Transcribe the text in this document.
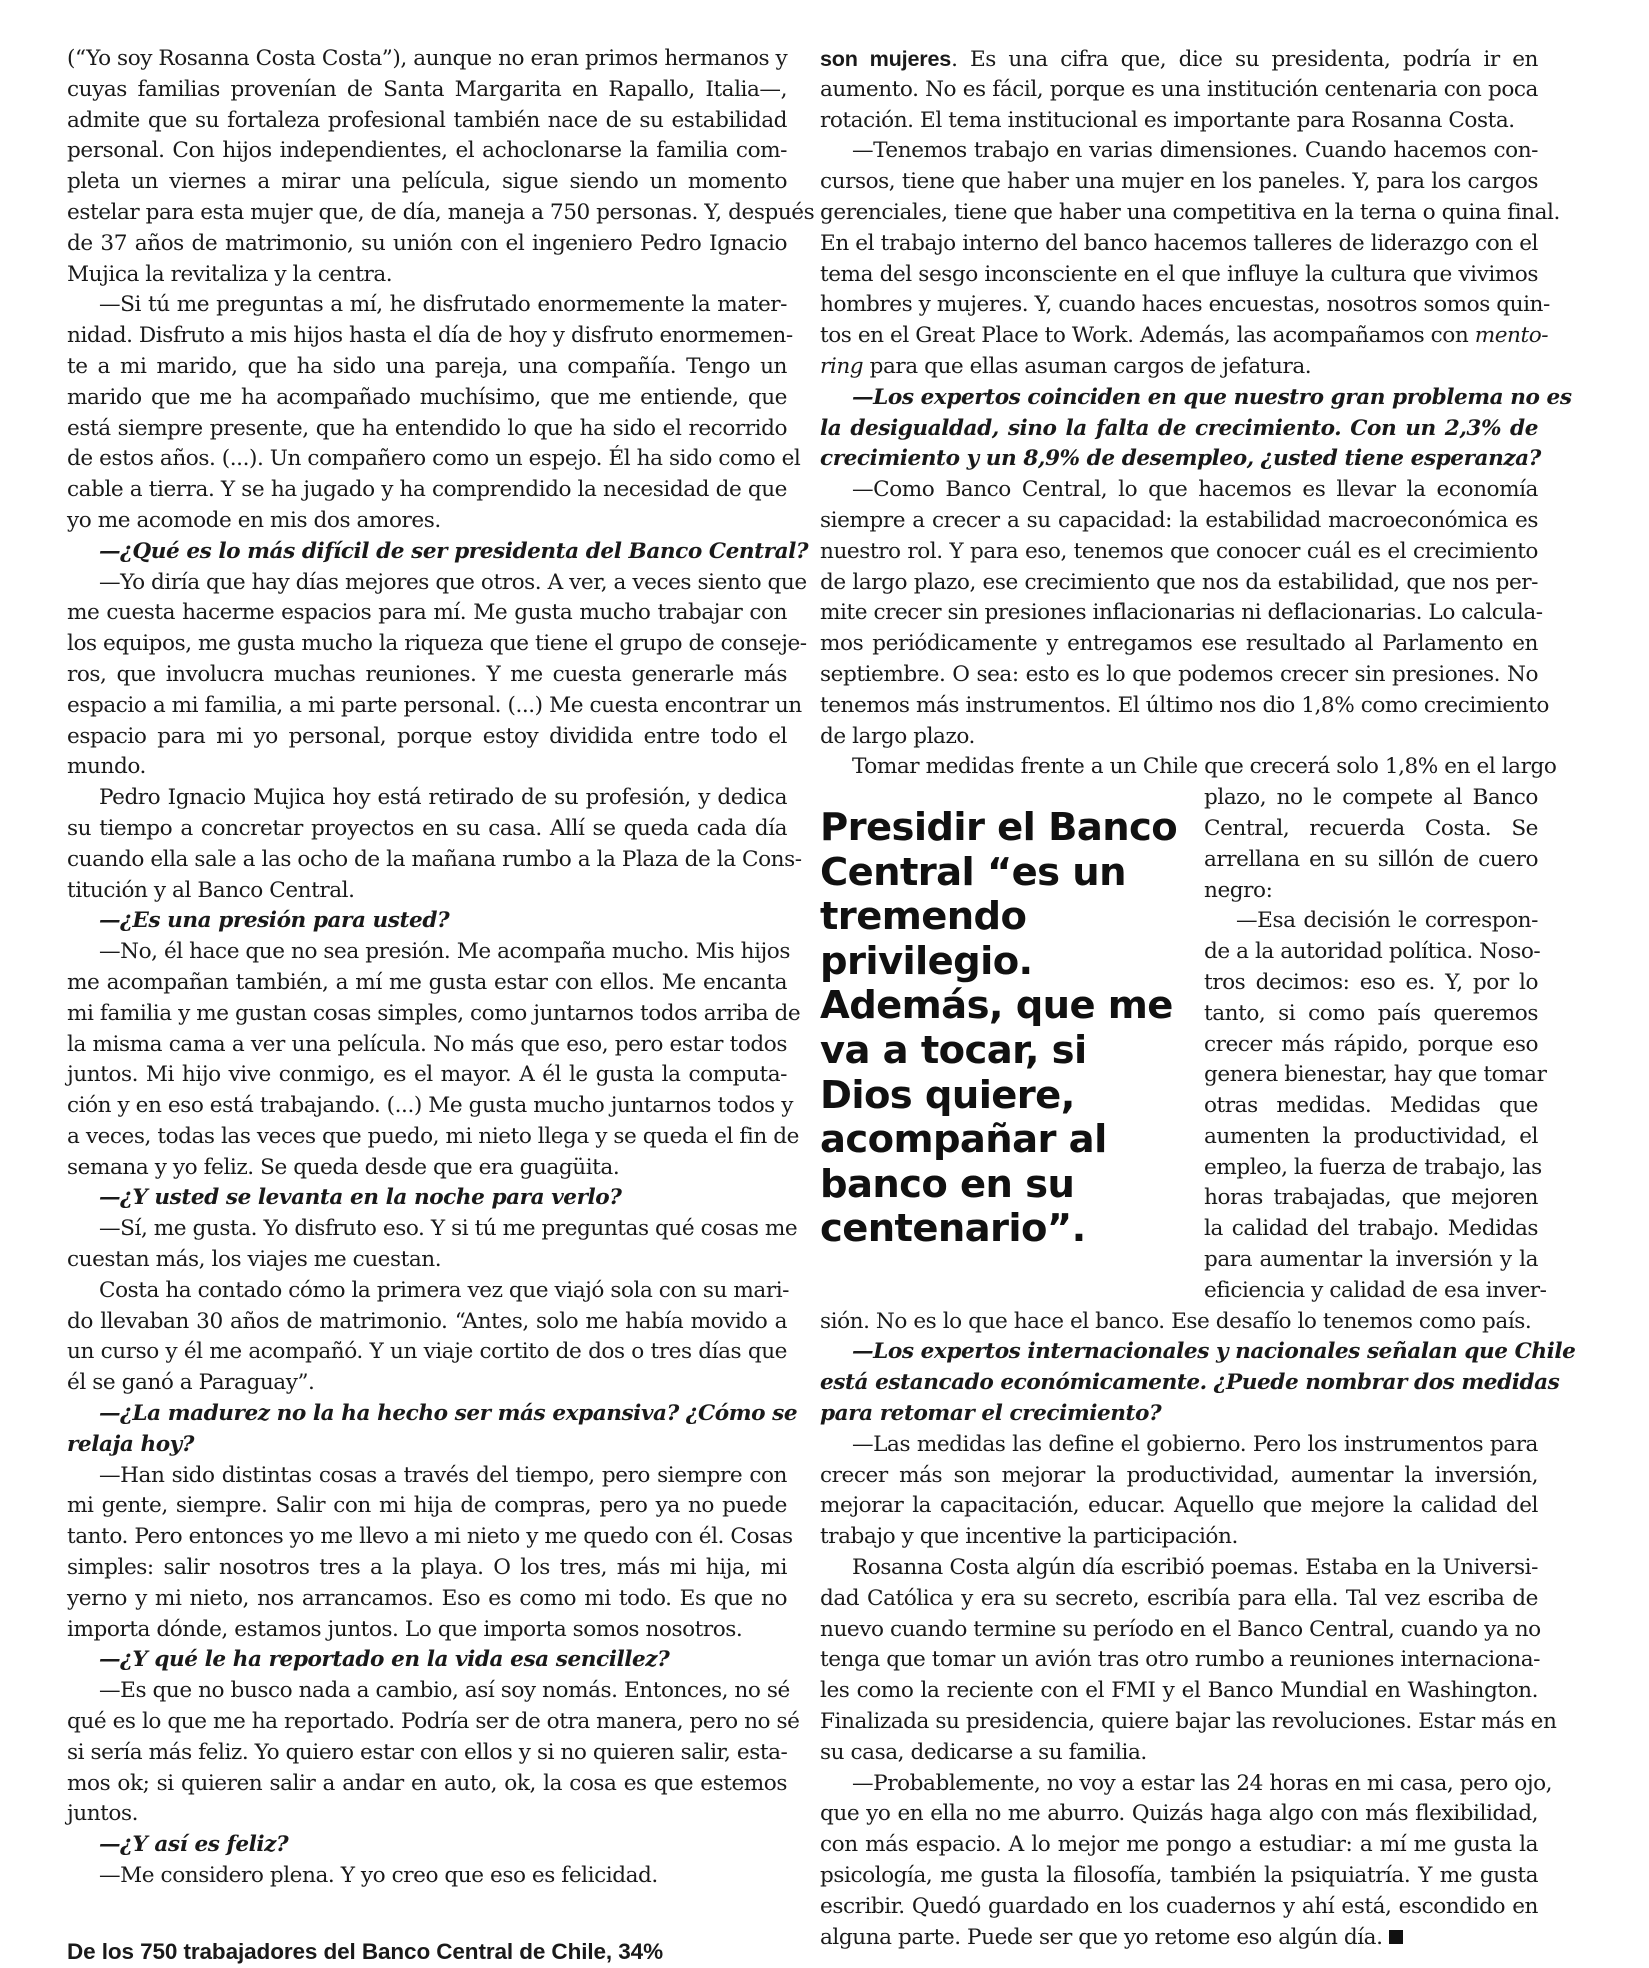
(“Yo soy Rosanna Costa Costa”), aunque no eran primos hermanos y
cuyas familias provenían de Santa Margarita en Rapallo, Italia—,
admite que su fortaleza profesional también nace de su estabilidad
personal. Con hijos independientes, el achoclonarse la familia com-
pleta un viernes a mirar una película, sigue siendo un momento
estelar para esta mujer que, de día, maneja a 750 personas. Y, después
de 37 años de matrimonio, su unión con el ingeniero Pedro Ignacio
Mujica la revitaliza y la centra.
—Si tú me preguntas a mí, he disfrutado enormemente la mater-
nidad. Disfruto a mis hijos hasta el día de hoy y disfruto enormemen-
te a mi marido, que ha sido una pareja, una compañía. Tengo un
marido que me ha acompañado muchísimo, que me entiende, que
está siempre presente, que ha entendido lo que ha sido el recorrido
de estos años. (...). Un compañero como un espejo. Él ha sido como el
cable a tierra. Y se ha jugado y ha comprendido la necesidad de que
yo me acomode en mis dos amores.
—¿Qué es lo más difícil de ser presidenta del Banco Central?
—Yo diría que hay días mejores que otros. A ver, a veces siento que
me cuesta hacerme espacios para mí. Me gusta mucho trabajar con
los equipos, me gusta mucho la riqueza que tiene el grupo de conseje-
ros, que involucra muchas reuniones. Y me cuesta generarle más
espacio a mi familia, a mi parte personal. (...) Me cuesta encontrar un
espacio para mi yo personal, porque estoy dividida entre todo el
mundo.
Pedro Ignacio Mujica hoy está retirado de su profesión, y dedica
su tiempo a concretar proyectos en su casa. Allí se queda cada día
cuando ella sale a las ocho de la mañana rumbo a la Plaza de la Cons-
titución y al Banco Central.
—¿Es una presión para usted?
—No, él hace que no sea presión. Me acompaña mucho. Mis hijos
me acompañan también, a mí me gusta estar con ellos. Me encanta
mi familia y me gustan cosas simples, como juntarnos todos arriba de
la misma cama a ver una película. No más que eso, pero estar todos
juntos. Mi hijo vive conmigo, es el mayor. A él le gusta la computa-
ción y en eso está trabajando. (...) Me gusta mucho juntarnos todos y
a veces, todas las veces que puedo, mi nieto llega y se queda el fin de
semana y yo feliz. Se queda desde que era guagüita.
—¿Y usted se levanta en la noche para verlo?
—Sí, me gusta. Yo disfruto eso. Y si tú me preguntas qué cosas me
cuestan más, los viajes me cuestan.
Costa ha contado cómo la primera vez que viajó sola con su mari-
do llevaban 30 años de matrimonio. “Antes, solo me había movido a
un curso y él me acompañó. Y un viaje cortito de dos o tres días que
él se ganó a Paraguay”.
—¿La madurez no la ha hecho ser más expansiva? ¿Cómo se
relaja hoy?
—Han sido distintas cosas a través del tiempo, pero siempre con
mi gente, siempre. Salir con mi hija de compras, pero ya no puede
tanto. Pero entonces yo me llevo a mi nieto y me quedo con él. Cosas
simples: salir nosotros tres a la playa. O los tres, más mi hija, mi
yerno y mi nieto, nos arrancamos. Eso es como mi todo. Es que no
importa dónde, estamos juntos. Lo que importa somos nosotros.
—¿Y qué le ha reportado en la vida esa sencillez?
—Es que no busco nada a cambio, así soy nomás. Entonces, no sé
qué es lo que me ha reportado. Podría ser de otra manera, pero no sé
si sería más feliz. Yo quiero estar con ellos y si no quieren salir, esta-
mos ok; si quieren salir a andar en auto, ok, la cosa es que estemos
juntos.
—¿Y así es feliz?
—Me considero plena. Y yo creo que eso es felicidad.
De los 750 trabajadores del Banco Central de Chile, 34%
Presidir el Banco
Central “es un
tremendo
privilegio.
Además, que me
va a tocar, si
Dios quiere,
acompañar al
banco en su
centenario”.
son mujeres. Es una cifra que, dice su presidenta, podría ir en
aumento. No es fácil, porque es una institución centenaria con poca
rotación. El tema institucional es importante para Rosanna Costa.
—Tenemos trabajo en varias dimensiones. Cuando hacemos con-
cursos, tiene que haber una mujer en los paneles. Y, para los cargos
gerenciales, tiene que haber una competitiva en la terna o quina final.
En el trabajo interno del banco hacemos talleres de liderazgo con el
tema del sesgo inconsciente en el que influye la cultura que vivimos
hombres y mujeres. Y, cuando haces encuestas, nosotros somos quin-
tos en el Great Place to Work. Además, las acompañamos con mento-
ring para que ellas asuman cargos de jefatura.
—Los expertos coinciden en que nuestro gran problema no es
la desigualdad, sino la falta de crecimiento. Con un 2,3% de
crecimiento y un 8,9% de desempleo, ¿usted tiene esperanza?
—Como Banco Central, lo que hacemos es llevar la economía
siempre a crecer a su capacidad: la estabilidad macroeconómica es
nuestro rol. Y para eso, tenemos que conocer cuál es el crecimiento
de largo plazo, ese crecimiento que nos da estabilidad, que nos per-
mite crecer sin presiones inflacionarias ni deflacionarias. Lo calcula-
mos periódicamente y entregamos ese resultado al Parlamento en
septiembre. O sea: esto es lo que podemos crecer sin presiones. No
tenemos más instrumentos. El último nos dio 1,8% como crecimiento
de largo plazo.
Tomar medidas frente a un Chile que crecerá solo 1,8% en el largo
plazo, no le compete al Banco
Central, recuerda Costa. Se
arrellana en su sillón de cuero
negro:
—Esa decisión le correspon-
de a la autoridad política. Noso-
tros decimos: eso es. Y, por lo
tanto, si como país queremos
crecer más rápido, porque eso
genera bienestar, hay que tomar
otras medidas. Medidas que
aumenten la productividad, el
empleo, la fuerza de trabajo, las
horas trabajadas, que mejoren
la calidad del trabajo. Medidas
para aumentar la inversión y la
eficiencia y calidad de esa inver-
sión. No es lo que hace el banco. Ese desafío lo tenemos como país.
—Los expertos internacionales y nacionales señalan que Chile
está estancado económicamente. ¿Puede nombrar dos medidas
para retomar el crecimiento?
—Las medidas las define el gobierno. Pero los instrumentos para
crecer más son mejorar la productividad, aumentar la inversión,
mejorar la capacitación, educar. Aquello que mejore la calidad del
trabajo y que incentive la participación.
Rosanna Costa algún día escribió poemas. Estaba en la Universi-
dad Católica y era su secreto, escribía para ella. Tal vez escriba de
nuevo cuando termine su período en el Banco Central, cuando ya no
tenga que tomar un avión tras otro rumbo a reuniones internaciona-
les como la reciente con el FMI y el Banco Mundial en Washington.
Finalizada su presidencia, quiere bajar las revoluciones. Estar más en
su casa, dedicarse a su familia.
—Probablemente, no voy a estar las 24 horas en mi casa, pero ojo,
que yo en ella no me aburro. Quizás haga algo con más flexibilidad,
con más espacio. A lo mejor me pongo a estudiar: a mí me gusta la
psicología, me gusta la filosofía, también la psiquiatría. Y me gusta
escribir. Quedó guardado en los cuadernos y ahí está, escondido en
alguna parte. Puede ser que yo retome eso algún día.
